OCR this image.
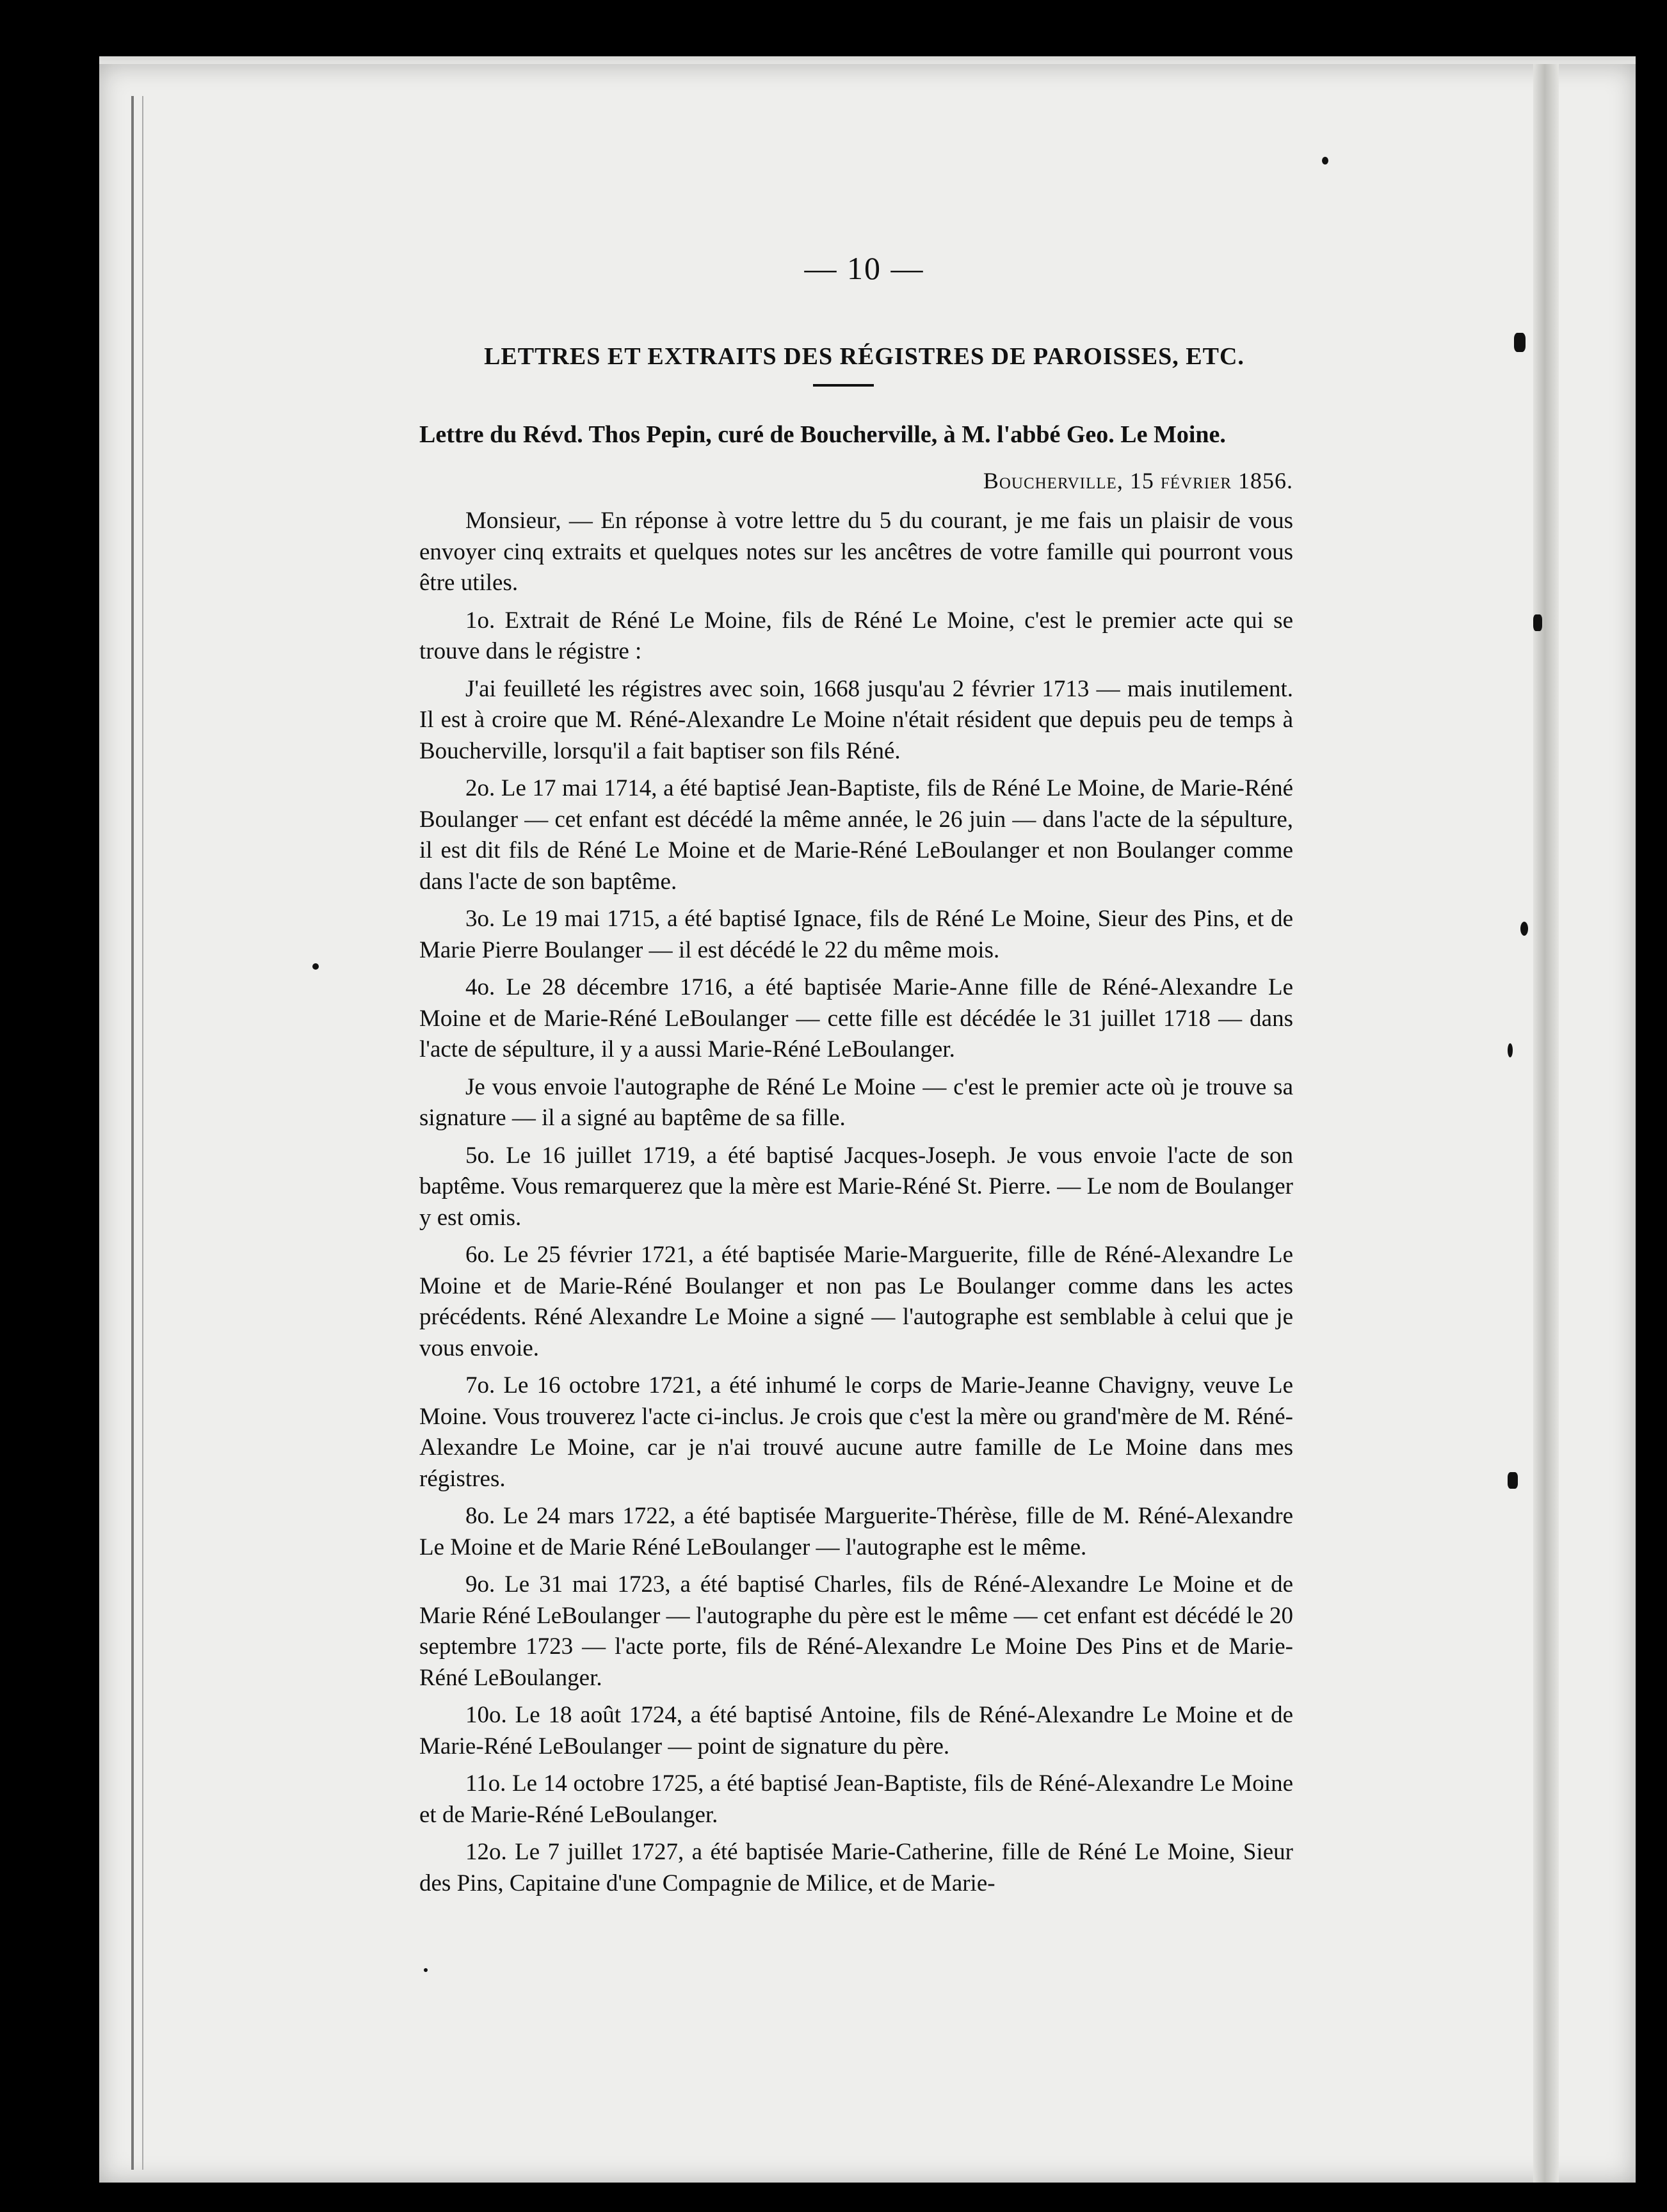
— 10 —
LETTRES ET EXTRAITS DES RÉGISTRES DE PAROISSES, ETC.
Lettre du Révd. Thos Pepin, curé de Boucherville, à M. l'abbé Geo. Le Moine.
Boucherville, 15 février 1856.

Monsieur, — En réponse à votre lettre du 5 du courant, je me fais un plaisir de vous envoyer cinq extraits et quelques notes sur les ancêtres de votre famille qui pourront vous être utiles.

1o. Extrait de Réné Le Moine, fils de Réné Le Moine, c'est le premier acte qui se trouve dans le régistre :

J'ai feuilleté les régistres avec soin, 1668 jusqu'au 2 février 1713 — mais inutilement. Il est à croire que M. Réné-Alexandre Le Moine n'était résident que depuis peu de temps à Boucherville, lorsqu'il a fait baptiser son fils Réné.

2o. Le 17 mai 1714, a été baptisé Jean-Baptiste, fils de Réné Le Moine, de Marie-Réné Boulanger — cet enfant est décédé la même année, le 26 juin — dans l'acte de la sépulture, il est dit fils de Réné Le Moine et de Marie-Réné LeBoulanger et non Boulanger comme dans l'acte de son baptême.

3o. Le 19 mai 1715, a été baptisé Ignace, fils de Réné Le Moine, Sieur des Pins, et de Marie Pierre Boulanger — il est décédé le 22 du même mois.

4o. Le 28 décembre 1716, a été baptisée Marie-Anne fille de Réné-Alexandre Le Moine et de Marie-Réné LeBoulanger — cette fille est décédée le 31 juillet 1718 — dans l'acte de sépulture, il y a aussi Marie-Réné LeBoulanger.

Je vous envoie l'autographe de Réné Le Moine — c'est le premier acte où je trouve sa signature — il a signé au baptême de sa fille.

5o. Le 16 juillet 1719, a été baptisé Jacques-Joseph. Je vous envoie l'acte de son baptême. Vous remarquerez que la mère est Marie-Réné St. Pierre. — Le nom de Boulanger y est omis.

6o. Le 25 février 1721, a été baptisée Marie-Marguerite, fille de Réné-Alexandre Le Moine et de Marie-Réné Boulanger et non pas Le Boulanger comme dans les actes précédents. Réné Alexandre Le Moine a signé — l'autographe est semblable à celui que je vous envoie.

7o. Le 16 octobre 1721, a été inhumé le corps de Marie-Jeanne Chavigny, veuve Le Moine. Vous trouverez l'acte ci-inclus. Je crois que c'est la mère ou grand'mère de M. Réné-Alexandre Le Moine, car je n'ai trouvé aucune autre famille de Le Moine dans mes régistres.

8o. Le 24 mars 1722, a été baptisée Marguerite-Thérèse, fille de M. Réné-Alexandre Le Moine et de Marie Réné LeBoulanger — l'autographe est le même.

9o. Le 31 mai 1723, a été baptisé Charles, fils de Réné-Alexandre Le Moine et de Marie Réné LeBoulanger — l'autographe du père est le même — cet enfant est décédé le 20 septembre 1723 — l'acte porte, fils de Réné-Alexandre Le Moine Des Pins et de Marie-Réné LeBoulanger.

10o. Le 18 août 1724, a été baptisé Antoine, fils de Réné-Alexandre Le Moine et de Marie-Réné LeBoulanger — point de signature du père.

11o. Le 14 octobre 1725, a été baptisé Jean-Baptiste, fils de Réné-Alexandre Le Moine et de Marie-Réné LeBoulanger.

12o. Le 7 juillet 1727, a été baptisée Marie-Catherine, fille de Réné Le Moine, Sieur des Pins, Capitaine d'une Compagnie de Milice, et de Marie-
